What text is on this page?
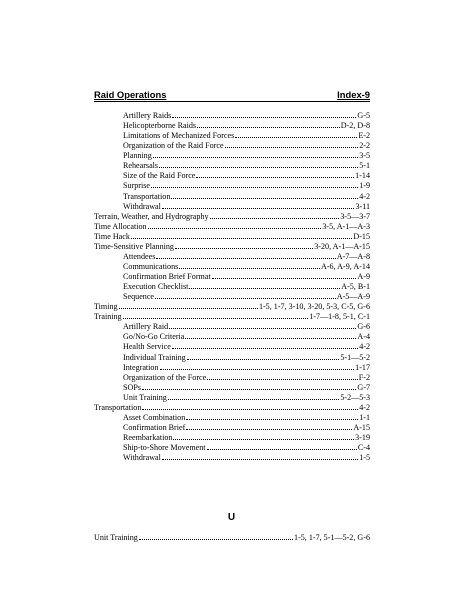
Raid Operations	Index-9
Artillery Raids	G-5
Helicopterborne Raids	D-2, D-8
Limitations of Mechanized Forces	E-2
Organization of the Raid Force	2-2
Planning	3-5
Rehearsals	5-1
Size of the Raid Force	1-14
Surprise	1-9
Transportation	4-2
Withdrawal	3-11
Terrain, Weather, and Hydrography	3-5—3-7
Time Allocation	3-5, A-1—A-3
Time Hack	D-15
Time-Sensitive Planning	3-20, A-1—A-15
Attendees	A-7—A-8
Communications	A-6, A-9, A-14
Confirmation Brief Format	A-9
Execution Checklist	A-5, B-1
Sequence	A-5—A-9
Timing	1-5, 1-7, 3-10, 3-20, 5-3, C-5, G-6
Training	1-7—1-8, 5-1, C-1
Artillery Raid	G-6
Go/No-Go Criteria	A-4
Health Service	4-2
Individual Training	5-1—5-2
Integration	1-17
Organization of the Force	F-2
SOPs	G-7
Unit Training	5-2—5-3
Transportation	4-2
Asset Combination	1-1
Confirmation Brief	A-15
Reembarkation	3-19
Ship-to-Shore Movement	C-4
Withdrawal	1-5
U
Unit Training	1-5, 1-7, 5-1—5-2, G-6
